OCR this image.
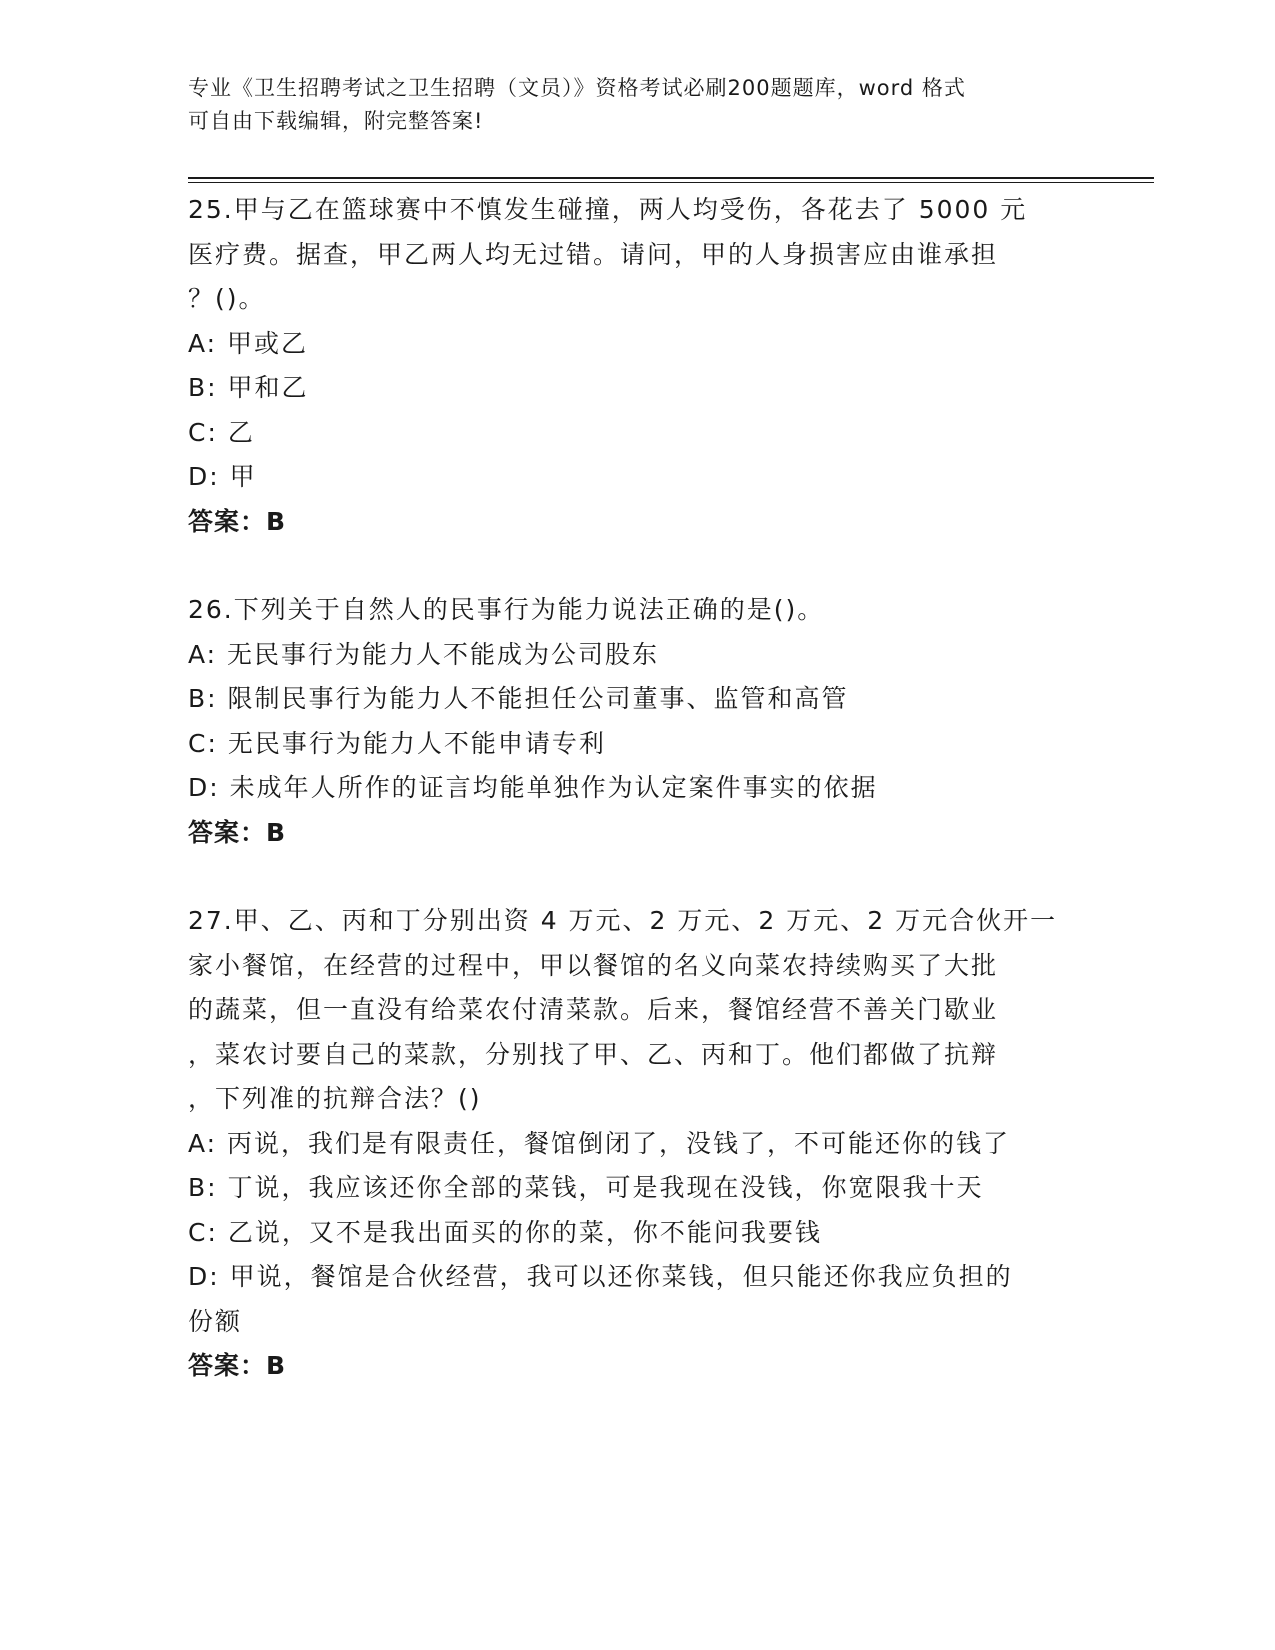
专业《卫生招聘考试之卫生招聘（文员）》资格考试必刷200题题库，word 格式
可自由下载编辑，附完整答案!
25.甲与乙在篮球赛中不慎发生碰撞，两人均受伤，各花去了 5000 元
医疗费。据查，甲乙两人均无过错。请问，甲的人身损害应由谁承担
？()。
A: 甲或乙
B: 甲和乙
C: 乙
D: 甲
答案：B
26.下列关于自然人的民事行为能力说法正确的是()。
A: 无民事行为能力人不能成为公司股东
B: 限制民事行为能力人不能担任公司董事、监管和高管
C: 无民事行为能力人不能申请专利
D: 未成年人所作的证言均能单独作为认定案件事实的依据
答案：B
27.甲、乙、丙和丁分别出资 4 万元、2 万元、2 万元、2 万元合伙开一
家小餐馆，在经营的过程中，甲以餐馆的名义向菜农持续购买了大批
的蔬菜，但一直没有给菜农付清菜款。后来，餐馆经营不善关门歇业
，菜农讨要自己的菜款，分别找了甲、乙、丙和丁。他们都做了抗辩
，下列准的抗辩合法？()
A: 丙说，我们是有限责任，餐馆倒闭了，没钱了，不可能还你的钱了
B: 丁说，我应该还你全部的菜钱，可是我现在没钱，你宽限我十天
C: 乙说，又不是我出面买的你的菜，你不能问我要钱
D: 甲说，餐馆是合伙经营，我可以还你菜钱，但只能还你我应负担的
份额
答案：B
